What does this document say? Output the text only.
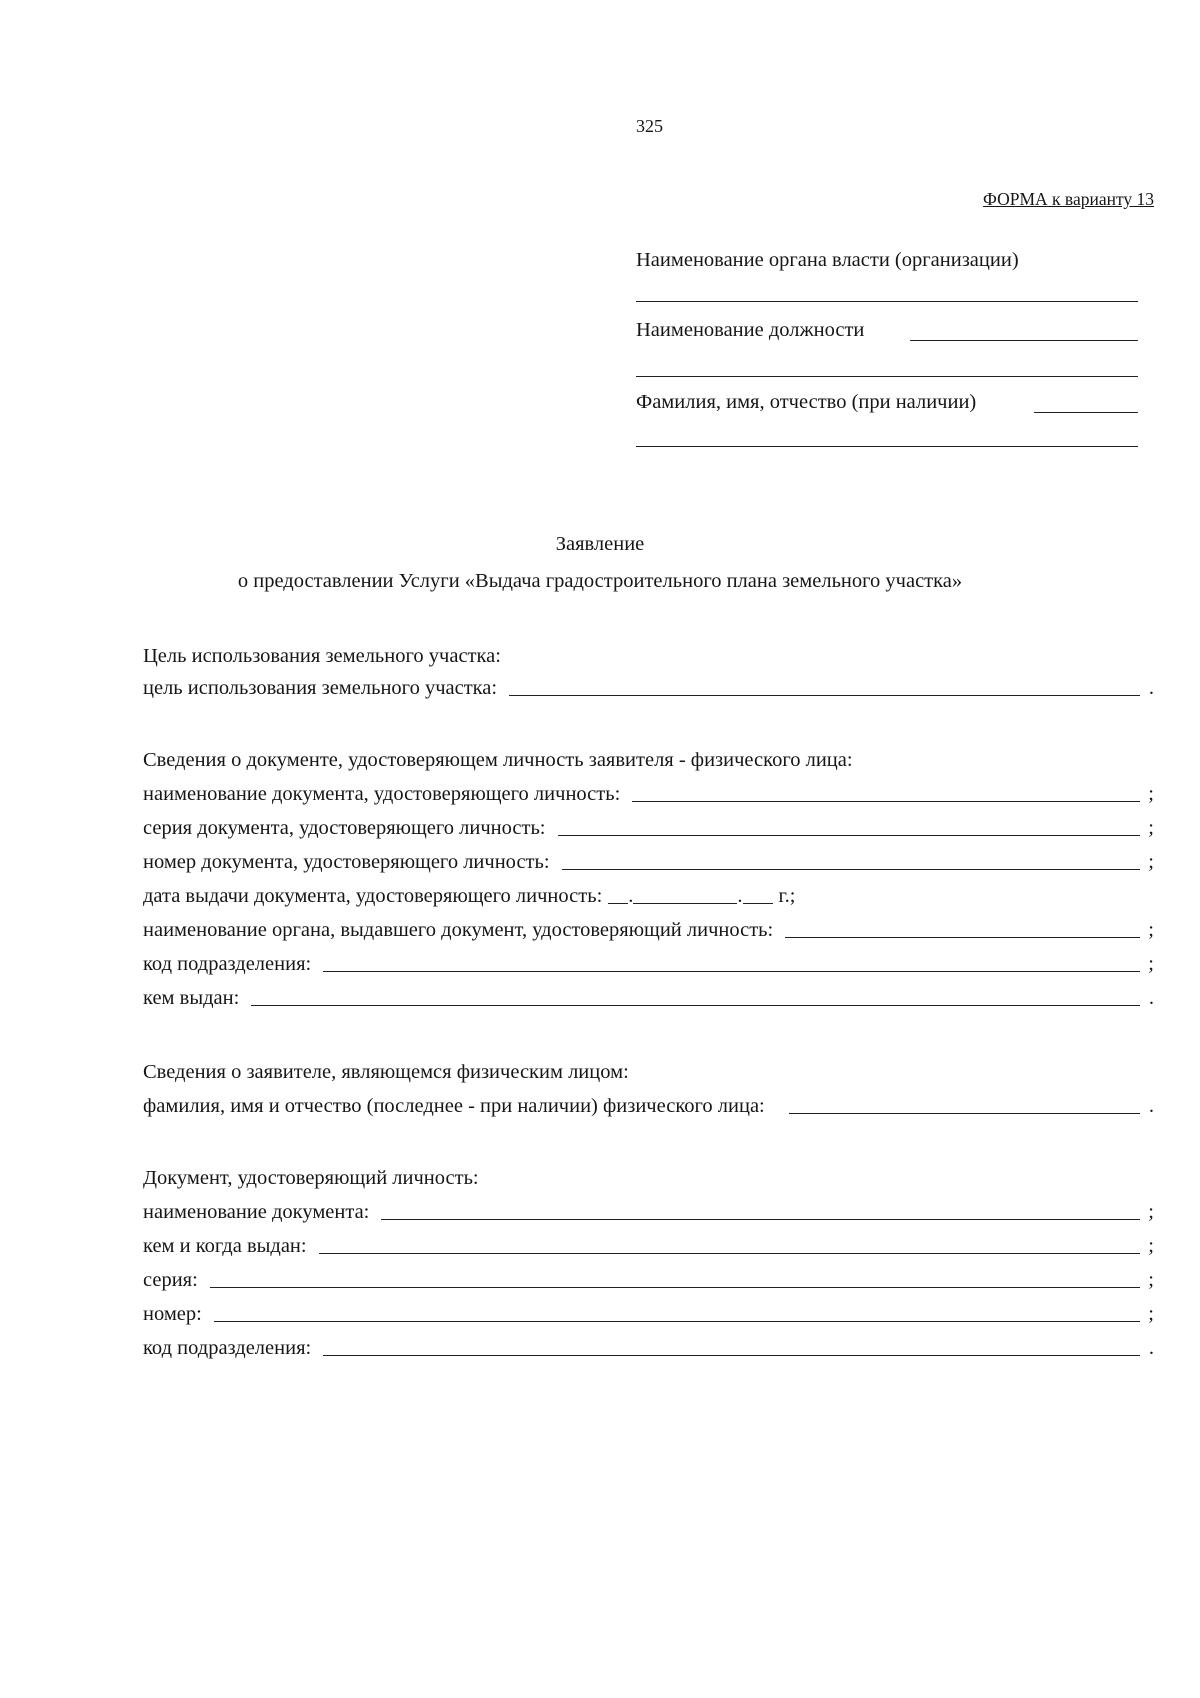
325
ФОРМА к варианту 13
Наименование органа власти (организации)
Наименование должности
Фамилия, имя, отчество (при наличии)
Заявление
о предоставлении Услуги «Выдача градостроительного плана земельного участка»
Цель использования земельного участка:
цель использования земельного участка:	.
Сведения о документе, удостоверяющем личность заявителя - физического лица:
наименование документа, удостоверяющего личность:	;
серия документа, удостоверяющего личность:	;
номер документа, удостоверяющего личность:	;
дата выдачи документа, удостоверяющего личность: .	. г.;
наименование органа, выдавшего документ, удостоверяющий личность:	;
код подразделения:	;
кем выдан:	.
Сведения о заявителе, являющемся физическим лицом:
фамилия, имя и отчество (последнее - при наличии) физического лица:	.
Документ, удостоверяющий личность:
наименование документа:	;
кем и когда выдан:	;
серия:	;
номер:	;
код подразделения:	.
